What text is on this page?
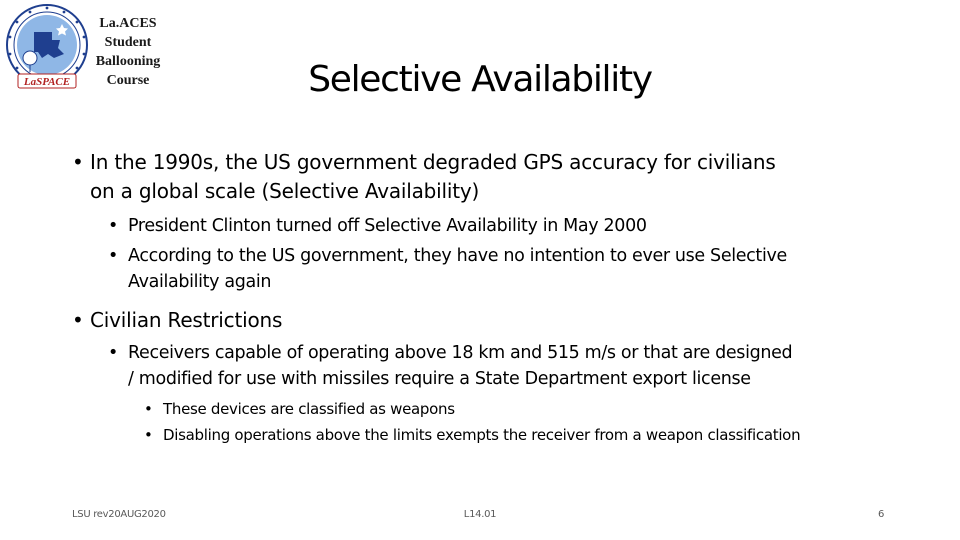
LaSPACE
La.ACES
Student
Ballooning
Course	Selective Availability
• In the 1990s, the US government degraded GPS accuracy for civilians
on a global scale (Selective Availability)
• President Clinton turned off Selective Availability in May 2000
• According to the US government, they have no intention to ever use Selective
Availability again
• Civilian Restrictions
• Receivers capable of operating above 18 km and 515 m/s or that are designed
/ modified for use with missiles require a State Department export license
• These devices are classified as weapons
• Disabling operations above the limits exempts the receiver from a weapon classification
LSU rev20AUG2020	L14.01	6
